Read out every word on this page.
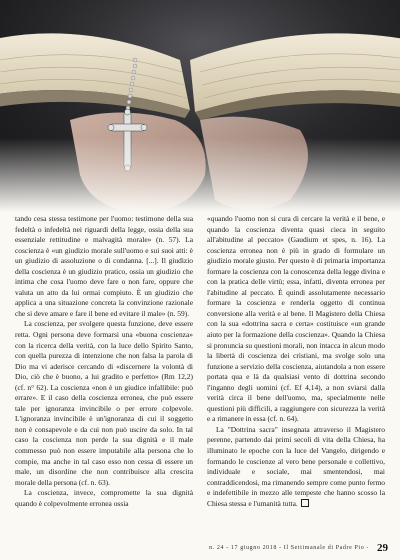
tando cesa stessa testimone per l'uomo: testimone della sua fedeltà o infedeltà nei riguardi della legge, ossia della sua essenziale rettitudine e malvagità morale» (n. 57). La coscienza è «un giudizio morale sull'uomo e sui suoi atti: è un giudizio di assoluzione o di condanna. [...]. Il giudizio della coscienza è un giudizio pratico, ossia un giudizio che intima che cosa l'uomo deve fare o non fare, oppure che valuta un atto da lui ormai compiuto. È un giudizio che applica a una situazione concreta la convinzione razionale che si deve amare e fare il bene ed evitare il male» (n. 59).

La coscienza, per svolgere questa funzione, deve essere retta. Ogni persona deve formarsi una «buona coscienza» con la ricerca della verità, con la luce dello Spirito Santo, con quella purezza di intenzione che non falsa la parola di Dio ma vi aderisce cercando di «discernere la volontà di Dio, ciò che è buono, a lui gradito e perfetto» (Rm 12,2) (cf. n° 62). La coscienza «non è un giudice infallibile: può errare». E il caso della coscienza erronea, che può essere tale per ignoranza invincibile o per errore colpevole. L'ignoranza invincibile è un'ignoranza di cui il soggetto non è consapevole e da cui non può uscire da solo. In tal caso la coscienza non perde la sua dignità e il male commesso può non essere imputabile alla persona che lo compie, ma anche in tal caso esso non cessa di essere un male, un disordine che non contribuisce alla crescita morale della persona (cf. n. 63).

La coscienza, invece, compromette la sua dignità quando è colpevolmente erronea ossia

«quando l'uomo non si cura di cercare la verità e il bene, e quando la coscienza diventa quasi cieca in seguito all'abitudine al peccato» (Gaudium et spes, n. 16). La coscienza erronea non è più in grado di formulare un giudizio morale giusto. Per questo è di primaria importanza formare la coscienza con la conoscenza della legge divina e con la pratica delle virtù; essa, infatti, diventa erronea per l'abitudine al peccato. È quindi assolutamente necessario formare la coscienza e renderla oggetto di continua conversione alla verità e al bene. Il Magistero della Chiesa con la sua «dottrina sacra e certa» costituisce «un grande aiuto per la formazione della coscienza». Quando la Chiesa si pronuncia su questioni morali, non intacca in alcun modo la libertà di coscienza dei cristiani, ma svolge solo una funzione a servizio della coscienza, aiutandola a non essere portata qua e là da qualsiasi vento di dottrina secondo l'inganno degli uomini (cf. Ef 4,14), a non sviarsi dalla verità circa il bene dell'uomo, ma, specialmente nelle questioni più difficili, a raggiungere con sicurezza la verità e a rimanere in essa (cf. n. 64).

La "Dottrina sacra" insegnata attraverso il Magistero perenne, partendo dai primi secoli di vita della Chiesa, ha illuminato le epoche con la luce del Vangelo, dirigendo e formando le coscienze al vero bene personale e collettivo, individuale e sociale, mai smentendosi, mai contraddicendosi, ma rimanendo sempre come punto fermo e indefettibile in mezzo alle tempeste che hanno scosso la Chiesa stessa e l'umanità tutta.

n. 24 - 17 giugno 2018 - Il Settimanale di Padre Pio - 29
